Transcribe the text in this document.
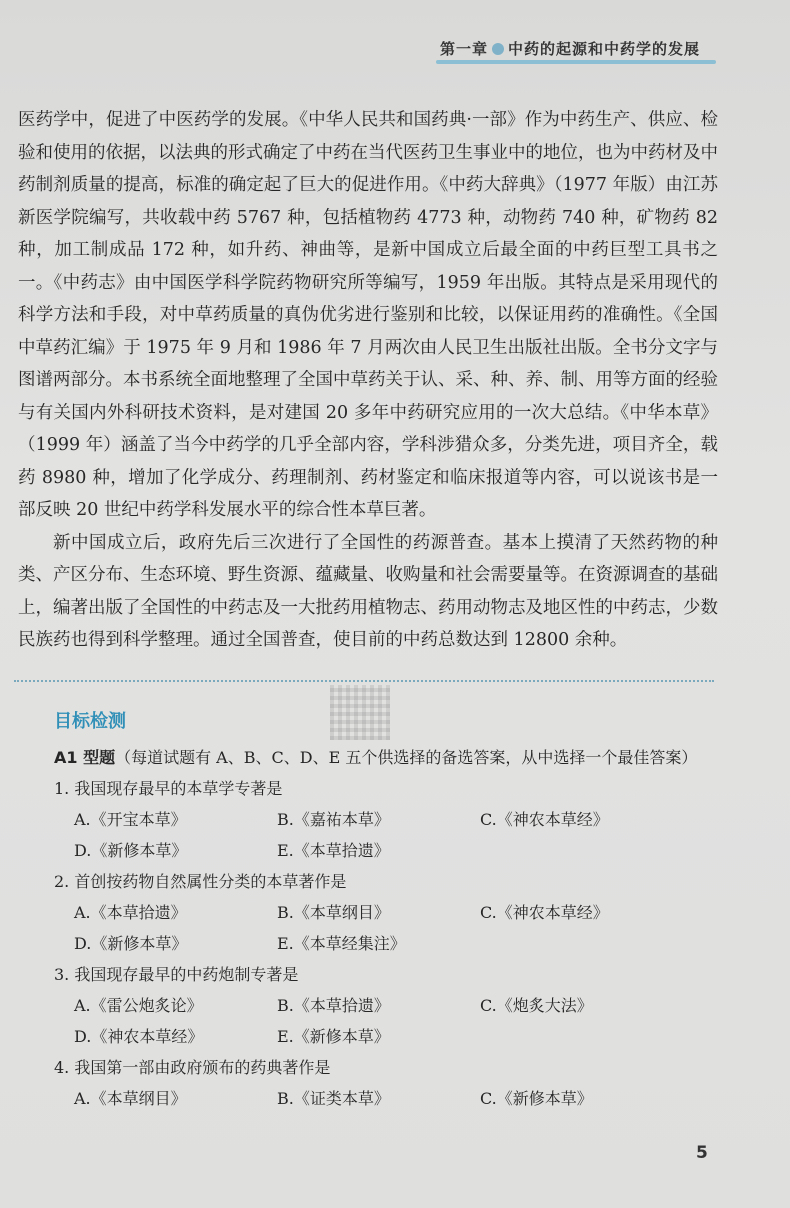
第一章 中药的起源和中药学的发展

医药学中，促进了中医药学的发展。《中华人民共和国药典·一部》作为中药生产、供应、检验和使用的依据，以法典的形式确定了中药在当代医药卫生事业中的地位，也为中药材及中药制剂质量的提高，标准的确定起了巨大的促进作用。《中药大辞典》（1977 年版）由江苏新医学院编写，共收载中药 5767 种，包括植物药 4773 种，动物药 740 种，矿物药 82 种，加工制成品 172 种，如升药、神曲等，是新中国成立后最全面的中药巨型工具书之一。《中药志》由中国医学科学院药物研究所等编写，1959 年出版。其特点是采用现代的科学方法和手段，对中草药质量的真伪优劣进行鉴别和比较，以保证用药的准确性。《全国中草药汇编》于 1975 年 9 月和 1986 年 7 月两次由人民卫生出版社出版。全书分文字与图谱两部分。本书系统全面地整理了全国中草药关于认、采、种、养、制、用等方面的经验与有关国内外科研技术资料，是对建国 20 多年中药研究应用的一次大总结。《中华本草》（1999 年）涵盖了当今中药学的几乎全部内容，学科涉猎众多，分类先进，项目齐全，载药 8980 种，增加了化学成分、药理制剂、药材鉴定和临床报道等内容，可以说该书是一部反映 20 世纪中药学科发展水平的综合性本草巨著。

新中国成立后，政府先后三次进行了全国性的药源普查。基本上摸清了天然药物的种类、产区分布、生态环境、野生资源、蕴藏量、收购量和社会需要量等。在资源调查的基础上，编著出版了全国性的中药志及一大批药用植物志、药用动物志及地区性的中药志，少数民族药也得到科学整理。通过全国普查，使目前的中药总数达到 12800 余种。

目标检测
A1 型题（每道试题有 A、B、C、D、E 五个供选择的备选答案，从中选择一个最佳答案）

1. 我国现存最早的本草学专著是

A.《开宝本草》	B.《嘉祐本草》	C.《神农本草经》
D.《新修本草》	E.《本草拾遗》

2. 首创按药物自然属性分类的本草著作是

A.《本草拾遗》	B.《本草纲目》	C.《神农本草经》
D.《新修本草》	E.《本草经集注》

3. 我国现存最早的中药炮制专著是

A.《雷公炮炙论》	B.《本草拾遗》	C.《炮炙大法》
D.《神农本草经》	E.《新修本草》

4. 我国第一部由政府颁布的药典著作是

A.《本草纲目》	B.《证类本草》	C.《新修本草》
5
